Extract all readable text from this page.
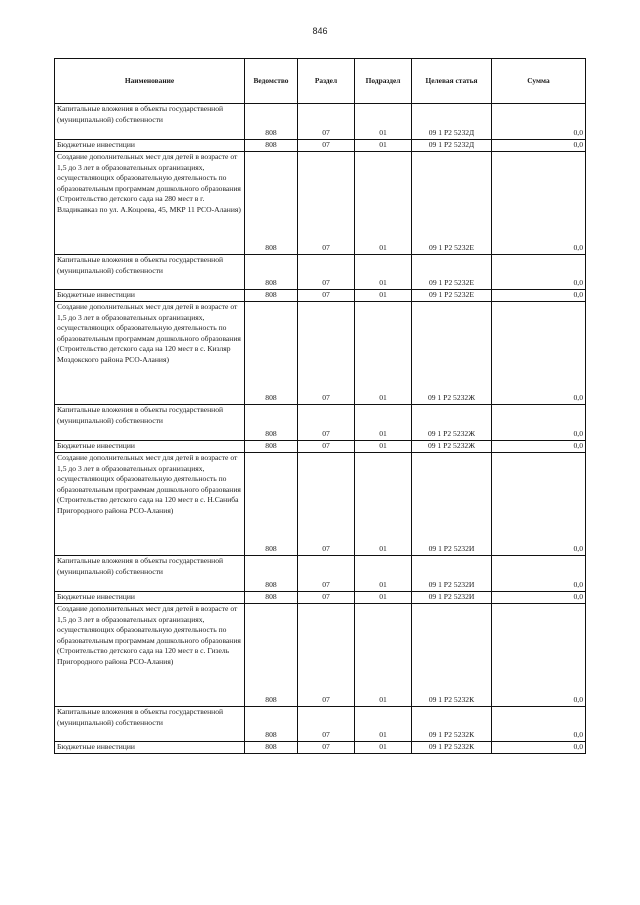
846
Наименование	Ведомство	Раздел	Подраздел	Целевая статья	Сумма
Капитальные вложения в объекты государственной (муниципальной) собственности	808	07	01	09 1 Р2 5232Д	0,0
Бюджетные инвестиции	808	07	01	09 1 Р2 5232Д	0,0
Создание дополнительных мест для детей в возрасте от 1,5 до 3 лет в образовательных организациях, осуществляющих образовательную деятельность по образовательным программам дошкольного образования (Строительство детского сада на 280 мест в г. Владикавказ по ул. А.Коцоева, 45, МКР 11 РСО-Алания)	808	07	01	09 1 Р2 5232Е	0,0
Капитальные вложения в объекты государственной (муниципальной) собственности	808	07	01	09 1 Р2 5232Е	0,0
Бюджетные инвестиции	808	07	01	09 1 Р2 5232Е	0,0
Создание дополнительных мест для детей в возрасте от 1,5 до 3 лет в образовательных организациях, осуществляющих образовательную деятельность по образовательным программам дошкольного образования (Строительство детского сада на 120 мест в с. Кизляр Моздокского района РСО-Алания)	808	07	01	09 1 Р2 5232Ж	0,0
Капитальные вложения в объекты государственной (муниципальной) собственности	808	07	01	09 1 Р2 5232Ж	0,0
Бюджетные инвестиции	808	07	01	09 1 Р2 5232Ж	0,0
Создание дополнительных мест для детей в возрасте от 1,5 до 3 лет в образовательных организациях, осуществляющих образовательную деятельность по образовательным программам дошкольного образования (Строительство детского сада на 120 мест в с. Н.Саниба Пригородного района РСО-Алания)	808	07	01	09 1 Р2 5232И	0,0
Капитальные вложения в объекты государственной (муниципальной) собственности	808	07	01	09 1 Р2 5232И	0,0
Бюджетные инвестиции	808	07	01	09 1 Р2 5232И	0,0
Создание дополнительных мест для детей в возрасте от 1,5 до 3 лет в образовательных организациях, осуществляющих образовательную деятельность по образовательным программам дошкольного образования (Строительство детского сада на 120 мест в с. Гизель Пригородного района РСО-Алания)	808	07	01	09 1 Р2 5232К	0,0
Капитальные вложения в объекты государственной (муниципальной) собственности	808	07	01	09 1 Р2 5232К	0,0
Бюджетные инвестиции	808	07	01	09 1 Р2 5232К	0,0
